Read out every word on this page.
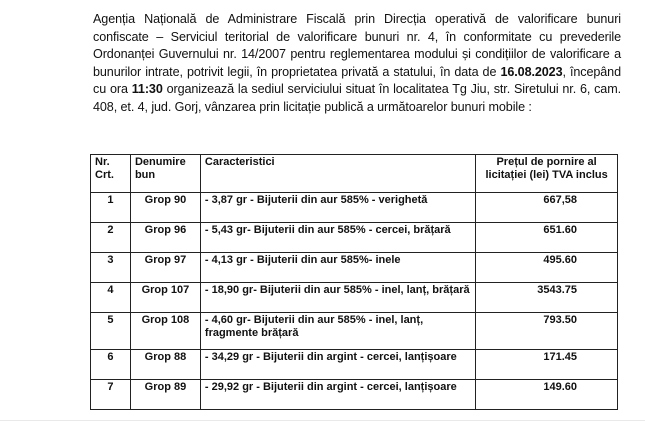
Agenția Națională de Administrare Fiscală prin Direcția operativă de valorificare bunuri confiscate – Serviciul teritorial de valorificare bunuri nr. 4, în conformitate cu prevederile Ordonanței Guvernului nr. 14/2007 pentru reglementarea modului și condițiilor de valorificare a bunurilor intrate, potrivit legii, în proprietatea privată a statului, în data de 16.08.2023, începând cu ora 11:30 organizează la sediul serviciului situat în localitatea Tg Jiu, str. Siretului nr. 6, cam. 408, et. 4, jud. Gorj, vânzarea prin licitație publică a următoarelor bunuri mobile :
Nr. Crt.	Denumire bun	Caracteristici	Prețul de pornire al licitației (lei) TVA inclus
1	Grop 90	- 3,87 gr - Bijuterii din aur 585% - verighetă	667,58
2	Grop 96	- 5,43 gr- Bijuterii din aur 585% - cercei, brățară	651.60
3	Grop 97	- 4,13 gr - Bijuterii din aur 585%- inele	495.60
4	Grop 107	- 18,90 gr- Bijuterii din aur 585% - inel, lanț, brățară	3543.75
5	Grop 108	- 4,60 gr- Bijuterii din aur 585% - inel, lanț, fragmente brățară	793.50
6	Grop 88	- 34,29 gr - Bijuterii din argint - cercei, lanțișoare	171.45
7	Grop 89	- 29,92 gr - Bijuterii din argint - cercei, lanțișoare	149.60
